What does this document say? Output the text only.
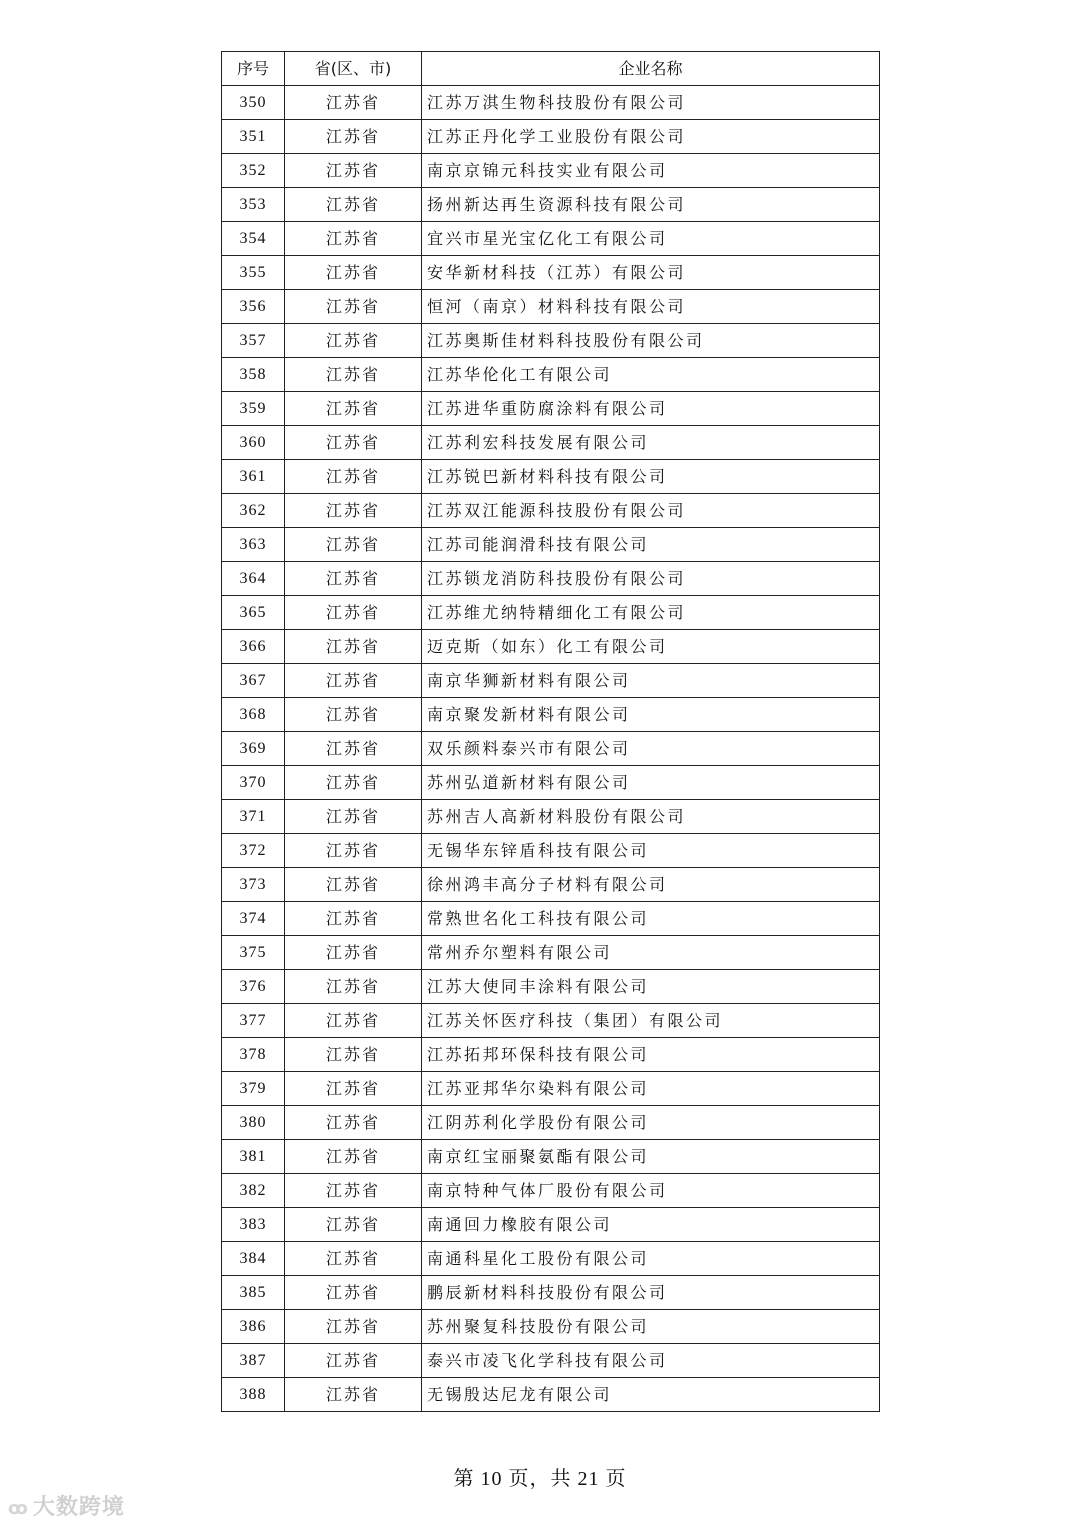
序号	省(区、市)	企业名称
350	江苏省	江苏万淇生物科技股份有限公司
351	江苏省	江苏正丹化学工业股份有限公司
352	江苏省	南京京锦元科技实业有限公司
353	江苏省	扬州新达再生资源科技有限公司
354	江苏省	宜兴市星光宝亿化工有限公司
355	江苏省	安华新材科技（江苏）有限公司
356	江苏省	恒河（南京）材料科技有限公司
357	江苏省	江苏奥斯佳材料科技股份有限公司
358	江苏省	江苏华伦化工有限公司
359	江苏省	江苏进华重防腐涂料有限公司
360	江苏省	江苏利宏科技发展有限公司
361	江苏省	江苏锐巴新材料科技有限公司
362	江苏省	江苏双江能源科技股份有限公司
363	江苏省	江苏司能润滑科技有限公司
364	江苏省	江苏锁龙消防科技股份有限公司
365	江苏省	江苏维尤纳特精细化工有限公司
366	江苏省	迈克斯（如东）化工有限公司
367	江苏省	南京华狮新材料有限公司
368	江苏省	南京聚发新材料有限公司
369	江苏省	双乐颜料泰兴市有限公司
370	江苏省	苏州弘道新材料有限公司
371	江苏省	苏州吉人高新材料股份有限公司
372	江苏省	无锡华东锌盾科技有限公司
373	江苏省	徐州鸿丰高分子材料有限公司
374	江苏省	常熟世名化工科技有限公司
375	江苏省	常州乔尔塑料有限公司
376	江苏省	江苏大使同丰涂料有限公司
377	江苏省	江苏关怀医疗科技（集团）有限公司
378	江苏省	江苏拓邦环保科技有限公司
379	江苏省	江苏亚邦华尔染料有限公司
380	江苏省	江阴苏利化学股份有限公司
381	江苏省	南京红宝丽聚氨酯有限公司
382	江苏省	南京特种气体厂股份有限公司
383	江苏省	南通回力橡胶有限公司
384	江苏省	南通科星化工股份有限公司
385	江苏省	鹏辰新材料科技股份有限公司
386	江苏省	苏州聚复科技股份有限公司
387	江苏省	泰兴市凌飞化学科技有限公司
388	江苏省	无锡殷达尼龙有限公司
第 10 页，共 21 页
ꝏ 大数跨境
